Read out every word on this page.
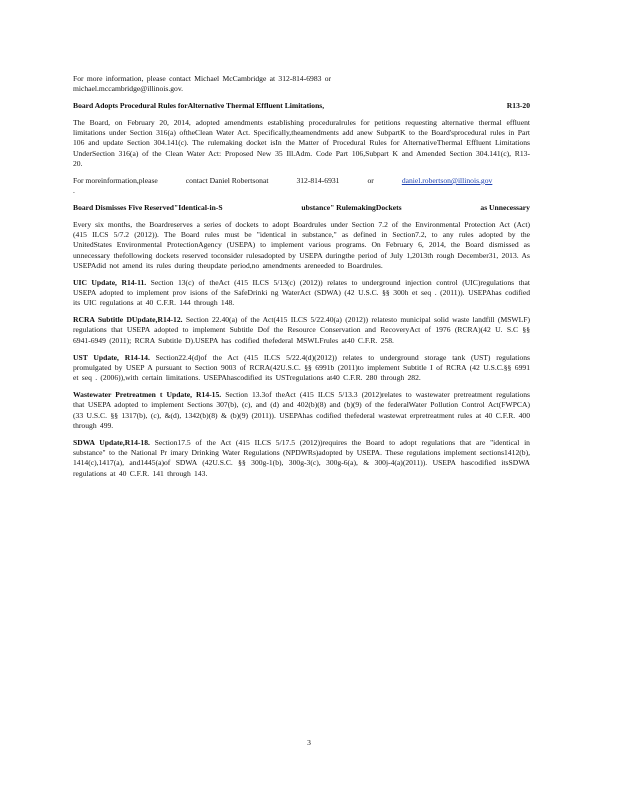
For more information, please contact Michael McCambridge at 312-814-6983 or
michael.mccambridge@illinois.gov.

Board Adopts Procedural Rules forAlternative Thermal Effluent Limitations,	R13-20

The Board, on February 20, 2014, adopted amendments establishing proceduralrules for petitions requesting alternative thermal effluent limitations under Section 316(a) oftheClean Water Act. Specifically,theamendments add anew SubpartK to the Board'sprocedural rules in Part 106 and update Section 304.141(c). The rulemaking docket isIn the Matter of Procedural Rules for AlternativeThermal Effluent Limitations UnderSection 316(a) of the Clean Water Act: Proposed New 35 Ill.Adm. Code Part 106,Subpart K and Amended Section 304.141(c), R13-20.

For moreinformation,please	contact Daniel Robertsonat	312-814-6931	or	daniel.robertson@illinois.gov
.
Board Dismisses Five Reserved"Identical-in-S	ubstance" RulemakingDockets	as Unnecessary

Every six months, the Boardreserves a series of dockets to adopt Boardrules under Section 7.2 of the Environmental Protection Act (Act)(415 ILCS 5/7.2 (2012)). The Board rules must be "identical in substance," as defined in Section7.2, to any rules adopted by the UnitedStates Environmental ProtectionAgency (USEPA) to implement various programs. On February 6, 2014, the Board dismissed as unnecessary thefollowing dockets reserved toconsider rulesadopted by USEPA duringthe period of July 1,2013th rough December31, 2013. As USEPAdid not amend its rules during theupdate period,no amendments areneeded to Boardrules.

UIC Update, R14-11. Section 13(c) of theAct (415 ILCS 5/13(c) (2012)) relates to underground injection control (UIC)regulations that USEPA adopted to implement prov isions of the SafeDrinki ng WaterAct (SDWA) (42 U.S.C. §§ 300h et seq . (2011)). USEPAhas codified its UIC regulations at 40 C.F.R. 144 through 148.

RCRA Subtitle DUpdate,R14-12. Section 22.40(a) of the Act(415 ILCS 5/22.40(a) (2012)) relatesto municipal solid waste landfill (MSWLF) regulations that USEPA adopted to implement Subtitle Dof the Resource Conservation and RecoveryAct of 1976 (RCRA)(42 U. S.C §§ 6941-6949 (2011); RCRA Subtitle D).USEPA has codified thefederal MSWLFrules at40 C.F.R. 258.

UST Update, R14-14. Section22.4(d)of the Act (415 ILCS 5/22.4(d)(2012)) relates to underground storage tank (UST) regulations promulgated by USEP A pursuant to Section 9003 of RCRA(42U.S.C. §§ 6991b (2011)to implement Subtitle I of RCRA (42 U.S.C.§§ 6991 et seq . (2006)),with certain limitations. USEPAhascodified its USTregulations at40 C.F.R. 280 through 282.

Wastewater Pretreatmen t Update, R14-15. Section 13.3of theAct (415 ILCS 5/13.3 (2012)relates to wastewater pretreatment regulations that USEPA adopted to implement Sections 307(b), (c), and (d) and 402(b)(8) and (b)(9) of the federalWater Pollution Control Act(FWPCA) (33 U.S.C. §§ 1317(b), (c), &(d), 1342(b)(8) & (b)(9) (2011)). USEPAhas codified thefederal wastewat erpretreatment rules at 40 C.F.R. 400 through 499.

SDWA Update,R14-18. Section17.5 of the Act (415 ILCS 5/17.5 (2012))requires the Board to adopt regulations that are "identical in substance" to the National Pr imary Drinking Water Regulations (NPDWRs)adopted by USEPA. These regulations implement sections1412(b), 1414(c),1417(a), and1445(a)of SDWA (42U.S.C. §§ 300g-1(b), 300g-3(c), 300g-6(a), & 300j-4(a)(2011)). USEPA hascodified itsSDWA regulations at 40 C.F.R. 141 through 143.

3
